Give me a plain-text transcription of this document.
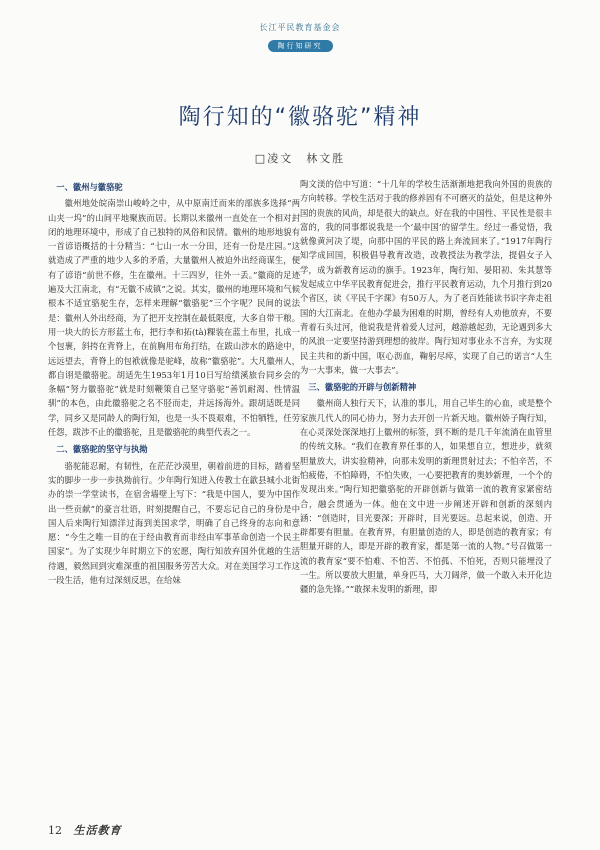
长江平民教育基金会
陶行知研究
陶行知的“徽骆驼”精神
□凌文　林文胜
一、徽州与徽骆驼

徽州地处皖南崇山峻岭之中，从中原南迁而来的部族多选择“两山夹一坞”的山间平地聚族而居。长期以来徽州一直处在一个相对封闭的地理环境中，形成了自己独特的风俗和民情。徽州的地形地貌有一首谚语概括的十分精当：“七山一水一分田，还有一份是庄园。”这就造成了严重的地少人多的矛盾，大量徽州人被迫外出经商谋生，便有了谚语“前世不修，生在徽州。十三四岁，往外一丢。”徽商的足迹遍及大江南北，有“无徽不成镇”之说。其实，徽州的地理环境和气候根本不适宜骆驼生存，怎样来理解“徽骆驼”三个字呢？民间的说法是：徽州人外出经商，为了把开支控制在最低限度，大多自带干粮。用一块大的长方形蓝土布，把行李和拓(tà)粿装在蓝土布里，扎成一个包裹，斜挎在背脊上，在前胸用布角打结，在跋山涉水的路途中，远远望去，背脊上的包袱就像是驼峰，故称“徽骆驼”。大凡徽州人，都自诩是徽骆驼。胡适先生1953年1月10日写给绩溪旅台同乡会的条幅“努力徽骆驼”就是时刻鞭策自己坚守骆驼“善饥耐渴、性情温驯”的本色，由此徽骆驼之名不胫而走，并远扬海外。跟胡适既是同学，同乡又是同龄人的陶行知，也是一头不畏艰难，不怕牺牲，任劳任怨，跋涉不止的徽骆驼，且是徽骆驼的典型代表之一。

二、徽骆驼的坚守与执拗

骆驼能忍耐，有韧性，在茫茫沙漠里，朝着前进的目标，踏着坚实的脚步一步一步执拗前行。少年陶行知进入传教士在歙县城小北街办的崇一学堂读书，在宿舍墙壁上写下：“我是中国人，要为中国作出一些贡献”的豪言壮语，时刻提醒自己，不要忘记自己的身份是中国人后来陶行知漂洋过海到美国求学，明确了自己终身的志向和意愿：“今生之唯一目的在于经由教育而非经由军事革命创造一个民主国家”。为了实现少年时期立下的宏愿，陶行知放弃国外优越的生活待遇，毅然回到灾难深重的祖国服务劳苦大众。对在美国学习工作这一段生活，他有过深刻反思，在给妹

陶文渼的信中写道：“十几年的学校生活渐渐地把我向外国的贵族的方向转移。学校生活对于我的修养固有不可磨灭的益处，但是这种外国的贵族的风尚，却是很大的缺点。好在我的中国性、平民性是很丰富的，我的同事都说我是一个‘最中国’的留学生。经过一番觉悟，我就像黄河决了堤，向那中国的平民的路上奔流回来了。”1917年陶行知学成回国，积极倡导教育改造，改教授法为教学法，提倡女子入学，成为新教育运动的旗手。1923年，陶行知、晏阳初、朱其慧等发起成立中华平民教育促进会，推行平民教育运动，九个月推行到20个省区，读《平民千字课》有50万人，为了老百姓能读书识字奔走祖国的大江南北。在他办学最为困难的时期，曾经有人劝他放弃，不要背着石头过河，他说我是背着爱人过河，越游越起劲，无论遇到多大的风浪一定要坚持游到理想的彼岸。陶行知对事业永不言弃，为实现民主共和的新中国，呕心沥血，鞠躬尽瘁，实现了自己的诺言“人生为一大事来，做一大事去”。

三、徽骆驼的开辟与创新精神

徽州商人独行天下，认准的事儿，用自己毕生的心血，或是整个家族几代人的同心协力，努力去开创一片新天地。徽州娇子陶行知，在心灵深处深深地打上徽州的标签，到不断的是几千年流淌在血管里的传统文脉。“我们在教育界任事的人，如果想自立，想进步，就须胆量放大，讲实验精神，向那未发明的新理贯射过去；不怕辛苦，不怕疲倦，不怕障碍，不怕失败，一心要把教育的奥妙新理，一个个的发现出来。”陶行知把徽骆驼的开辟创新与做第一流的教育家紧密结合，融会贯通为一体。他在文中进一步阐述开辟和创新的深刻内涵：“创造时，目光要深；开辟时，目光要远。总起来说，创造、开辟都要有胆量。在教育界，有胆量创造的人，即是创造的教育家；有胆量开辟的人，即是开辟的教育家，都是第一流的人物。”号召做第一流的教育家“要不怕难、不怕苦、不怕孤、不怕死，否则只能埋没了一生。所以要放大胆量，单身匹马，大刀阔斧，做一个敢入未开化边疆的急先锋。”“敢探未发明的新理，即

12 生活教育
